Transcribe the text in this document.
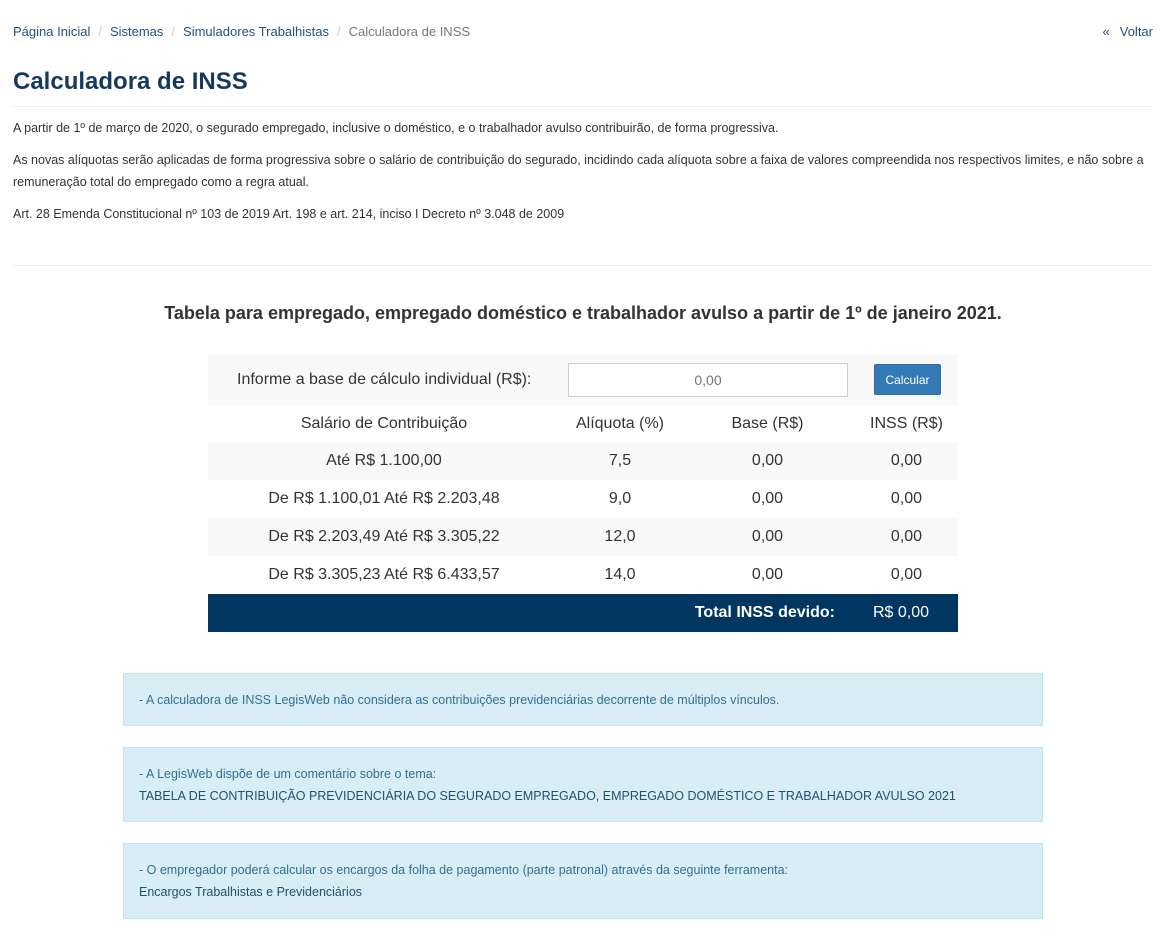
Página Inicial / Sistemas / Simuladores Trabalhistas / Calculadora de INSS	« Voltar
Calculadora de INSS

A partir de 1º de março de 2020, o segurado empregado, inclusive o doméstico, e o trabalhador avulso contribuirão, de forma progressiva.

As novas alíquotas serão aplicadas de forma progressiva sobre o salário de contribuição do segurado, incidindo cada alíquota sobre a faixa de valores compreendida nos respectivos limites, e não sobre a remuneração total do empregado como a regra atual.

Art. 28 Emenda Constitucional nº 103 de 2019 Art. 198 e art. 214, inciso I Decreto nº 3.048 de 2009

Tabela para empregado, empregado doméstico e trabalhador avulso a partir de 1º de janeiro 2021.
Informe a base de cálculo individual (R$):
0,00	Calcular
Salário de Contribuição	Alíquota (%)	Base (R$)	INSS (R$)
Até R$ 1.100,00	7,5	0,00	0,00
De R$ 1.100,01 Até R$ 2.203,48	9,0	0,00	0,00
De R$ 2.203,49 Até R$ 3.305,22	12,0	0,00	0,00
De R$ 3.305,23 Até R$ 6.433,57	14,0	0,00	0,00
Total INSS devido:			R$ 0,00
- A calculadora de INSS LegisWeb não considera as contribuições previdenciárias decorrente de múltiplos vínculos.
- A LegisWeb dispõe de um comentário sobre o tema:
TABELA DE CONTRIBUIÇÃO PREVIDENCIÁRIA DO SEGURADO EMPREGADO, EMPREGADO DOMÉSTICO E TRABALHADOR AVULSO 2021
- O empregador poderá calcular os encargos da folha de pagamento (parte patronal) através da seguinte ferramenta:
Encargos Trabalhistas e Previdenciários
